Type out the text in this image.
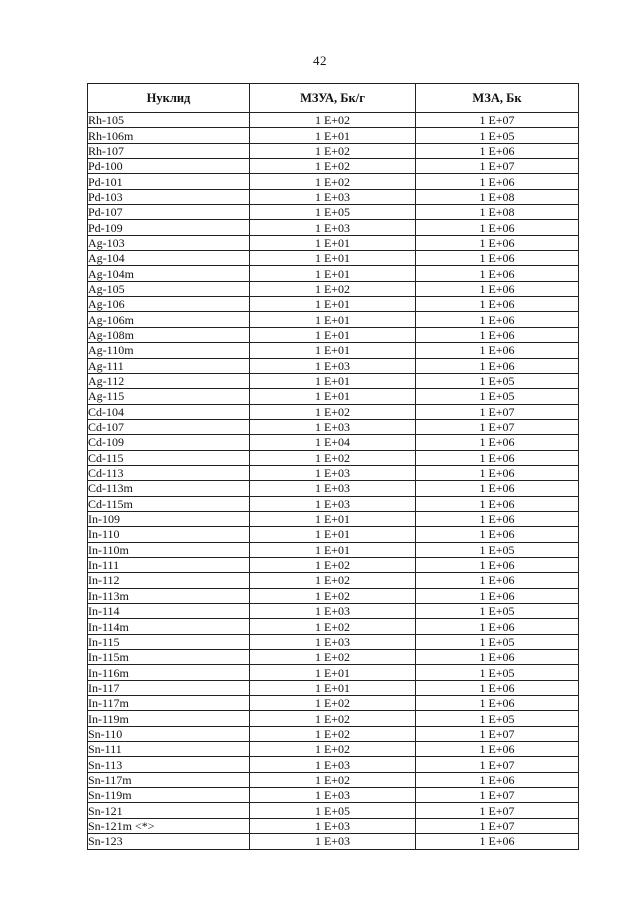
42
Нуклид	МЗУА, Бк/г	МЗА, Бк
Rh-105	1 E+02	1 E+07
Rh-106m	1 E+01	1 E+05
Rh-107	1 E+02	1 E+06
Pd-100	1 E+02	1 E+07
Pd-101	1 E+02	1 E+06
Pd-103	1 E+03	1 E+08
Pd-107	1 E+05	1 E+08
Pd-109	1 E+03	1 E+06
Ag-103	1 E+01	1 E+06
Ag-104	1 E+01	1 E+06
Ag-104m	1 E+01	1 E+06
Ag-105	1 E+02	1 E+06
Ag-106	1 E+01	1 E+06
Ag-106m	1 E+01	1 E+06
Ag-108m	1 E+01	1 E+06
Ag-110m	1 E+01	1 E+06
Ag-111	1 E+03	1 E+06
Ag-112	1 E+01	1 E+05
Ag-115	1 E+01	1 E+05
Cd-104	1 E+02	1 E+07
Cd-107	1 E+03	1 E+07
Cd-109	1 E+04	1 E+06
Cd-115	1 E+02	1 E+06
Cd-113	1 E+03	1 E+06
Cd-113m	1 E+03	1 E+06
Cd-115m	1 E+03	1 E+06
In-109	1 E+01	1 E+06
In-110	1 E+01	1 E+06
In-110m	1 E+01	1 E+05
In-111	1 E+02	1 E+06
In-112	1 E+02	1 E+06
In-113m	1 E+02	1 E+06
In-114	1 E+03	1 E+05
In-114m	1 E+02	1 E+06
In-115	1 E+03	1 E+05
In-115m	1 E+02	1 E+06
In-116m	1 E+01	1 E+05
In-117	1 E+01	1 E+06
In-117m	1 E+02	1 E+06
In-119m	1 E+02	1 E+05
Sn-110	1 E+02	1 E+07
Sn-111	1 E+02	1 E+06
Sn-113	1 E+03	1 E+07
Sn-117m	1 E+02	1 E+06
Sn-119m	1 E+03	1 E+07
Sn-121	1 E+05	1 E+07
Sn-121m <*>	1 E+03	1 E+07
Sn-123	1 E+03	1 E+06
